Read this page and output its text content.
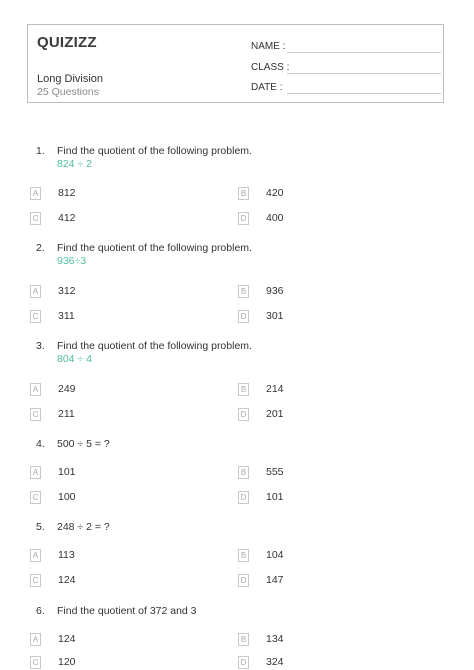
QUIZIZZ
Long Division
25 Questions
NAME :
CLASS :
DATE :
1. Find the quotient of the following problem.
824 ÷ 2
A 812	B 420
C 412	D 400
2. Find the quotient of the following problem.
936÷3
A 312	B 936
C 311	D 301
3. Find the quotient of the following problem.
804 ÷ 4
A 249	B 214
C 211	D 201
4. 500 ÷ 5 = ?
A 101	B 555
C 100	D 101
5. 248 ÷ 2 = ?
A 113	B 104
C 124	D 147
6. Find the quotient of 372 and 3
A 124	B 134
C 120	D 324
